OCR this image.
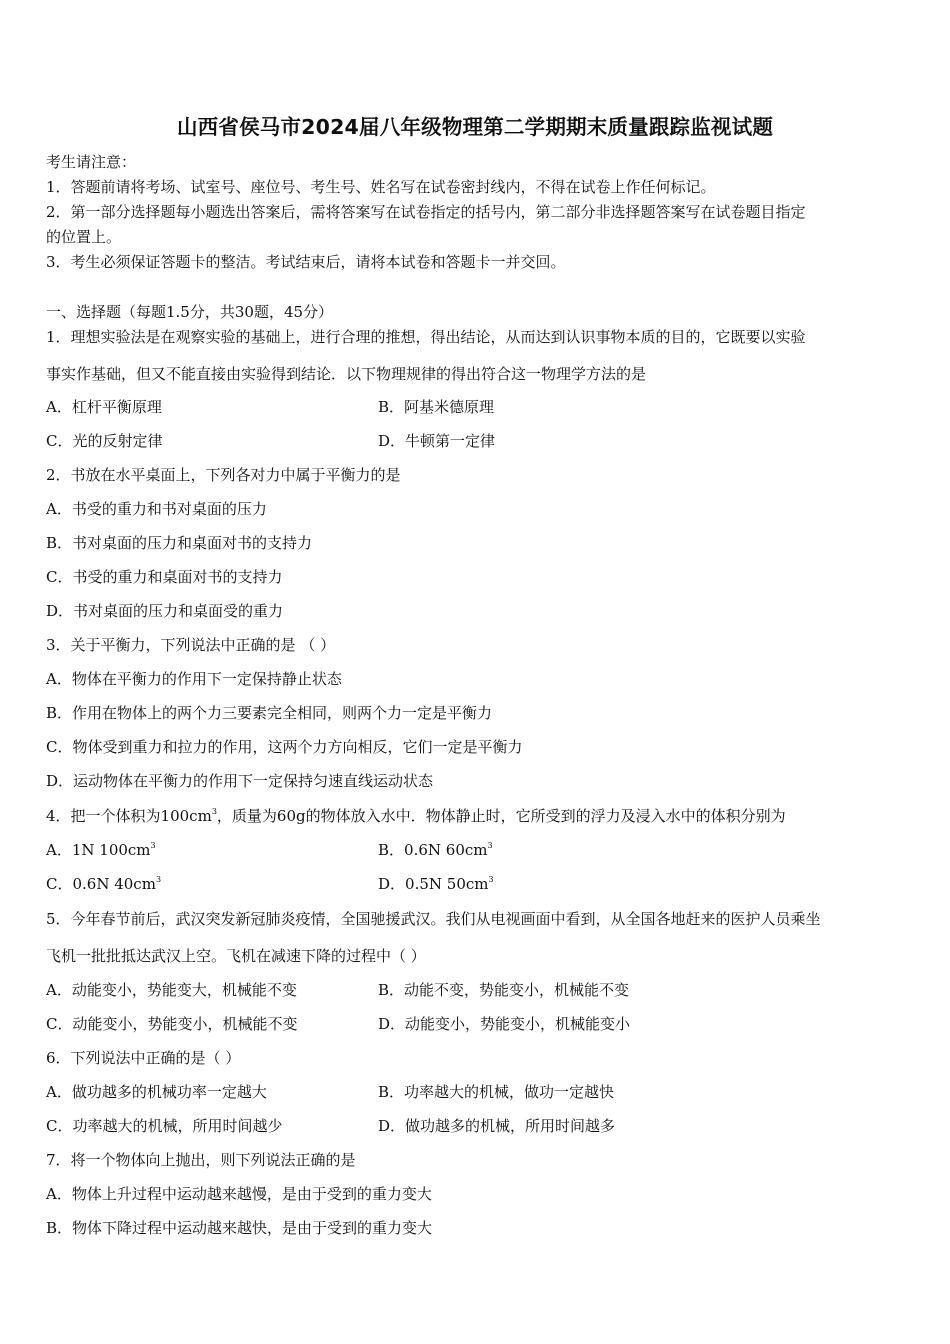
山西省侯马市2024届八年级物理第二学期期末质量跟踪监视试题
考生请注意：
1．答题前请将考场、试室号、座位号、考生号、姓名写在试卷密封线内，不得在试卷上作任何标记。
2．第一部分选择题每小题选出答案后，需将答案写在试卷指定的括号内，第二部分非选择题答案写在试卷题目指定
的位置上。
3．考生必须保证答题卡的整洁。考试结束后，请将本试卷和答题卡一并交回。
一、选择题（每题1.5分，共30题，45分）
1．理想实验法是在观察实验的基础上，进行合理的推想，得出结论，从而达到认识事物本质的目的，它既要以实验
事实作基础，但又不能直接由实验得到结论．以下物理规律的得出符合这一物理学方法的是
A．杠杆平衡原理	B．阿基米德原理
C．光的反射定律	D．牛顿第一定律
2．书放在水平桌面上，下列各对力中属于平衡力的是
A．书受的重力和书对桌面的压力
B．书对桌面的压力和桌面对书的支持力
C．书受的重力和桌面对书的支持力
D．书对桌面的压力和桌面受的重力
3．关于平衡力，下列说法中正确的是 （ ）
A．物体在平衡力的作用下一定保持静止状态
B．作用在物体上的两个力三要素完全相同，则两个力一定是平衡力
C．物体受到重力和拉力的作用，这两个力方向相反，它们一定是平衡力
D．运动物体在平衡力的作用下一定保持匀速直线运动状态
4．把一个体积为$100cm^3$，质量为60g的物体放入水中．物体静止时，它所受到的浮力及浸入水中的体积分别为
A．1N $100cm^3$	B．0.6N $60cm^3$
C．0.6N $40cm^3$	D．0.5N $50cm^3$
5．今年春节前后，武汉突发新冠肺炎疫情，全国驰援武汉。我们从电视画面中看到，从全国各地赶来的医护人员乘坐
飞机一批批抵达武汉上空。飞机在减速下降的过程中（ ）
A．动能变小，势能变大，机械能不变	B．动能不变，势能变小，机械能不变
C．动能变小，势能变小，机械能不变	D．动能变小，势能变小，机械能变小
6．下列说法中正确的是（ ）
A．做功越多的机械功率一定越大	B．功率越大的机械，做功一定越快
C．功率越大的机械，所用时间越少	D．做功越多的机械，所用时间越多
7．将一个物体向上抛出，则下列说法正确的是
A．物体上升过程中运动越来越慢，是由于受到的重力变大
B．物体下降过程中运动越来越快，是由于受到的重力变大
